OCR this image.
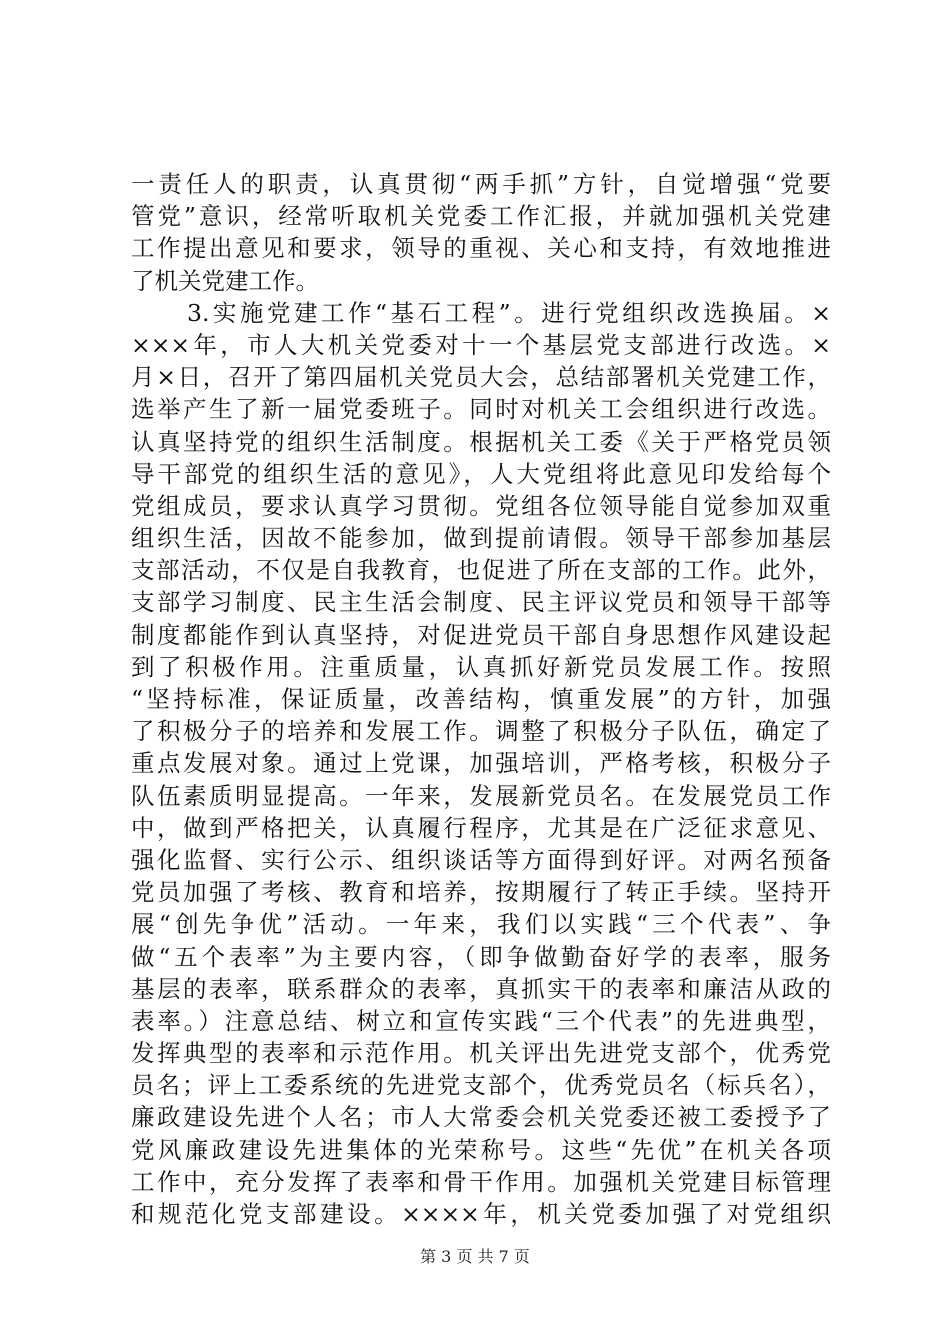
一责任人的职责，认真贯彻“两手抓”方针，自觉增强“党要
管党”意识，经常听取机关党委工作汇报，并就加强机关党建
工作提出意见和要求，领导的重视、关心和支持，有效地推进
了机关党建工作。
3.实施党建工作“基石工程”。进行党组织改选换届。×
×××年，市人大机关党委对十一个基层党支部进行改选。×
月×日，召开了第四届机关党员大会，总结部署机关党建工作，
选举产生了新一届党委班子。同时对机关工会组织进行改选。
认真坚持党的组织生活制度。根据机关工委《关于严格党员领
导干部党的组织生活的意见》，人大党组将此意见印发给每个
党组成员，要求认真学习贯彻。党组各位领导能自觉参加双重
组织生活，因故不能参加，做到提前请假。领导干部参加基层
支部活动，不仅是自我教育，也促进了所在支部的工作。此外，
支部学习制度、民主生活会制度、民主评议党员和领导干部等
制度都能作到认真坚持，对促进党员干部自身思想作风建设起
到了积极作用。注重质量，认真抓好新党员发展工作。按照
“坚持标准，保证质量，改善结构，慎重发展”的方针，加强
了积极分子的培养和发展工作。调整了积极分子队伍，确定了
重点发展对象。通过上党课，加强培训，严格考核，积极分子
队伍素质明显提高。一年来，发展新党员名。在发展党员工作
中，做到严格把关，认真履行程序，尤其是在广泛征求意见、
强化监督、实行公示、组织谈话等方面得到好评。对两名预备
党员加强了考核、教育和培养，按期履行了转正手续。坚持开
展“创先争优”活动。一年来，我们以实践“三个代表”、争
做“五个表率”为主要内容，（即争做勤奋好学的表率，服务
基层的表率，联系群众的表率，真抓实干的表率和廉洁从政的
表率。）注意总结、树立和宣传实践“三个代表”的先进典型，
发挥典型的表率和示范作用。机关评出先进党支部个，优秀党
员名；评上工委系统的先进党支部个，优秀党员名（标兵名），
廉政建设先进个人名；市人大常委会机关党委还被工委授予了
党风廉政建设先进集体的光荣称号。这些“先优”在机关各项
工作中，充分发挥了表率和骨干作用。加强机关党建目标管理
和规范化党支部建设。××××年，机关党委加强了对党组织
第 3 页 共 7 页
